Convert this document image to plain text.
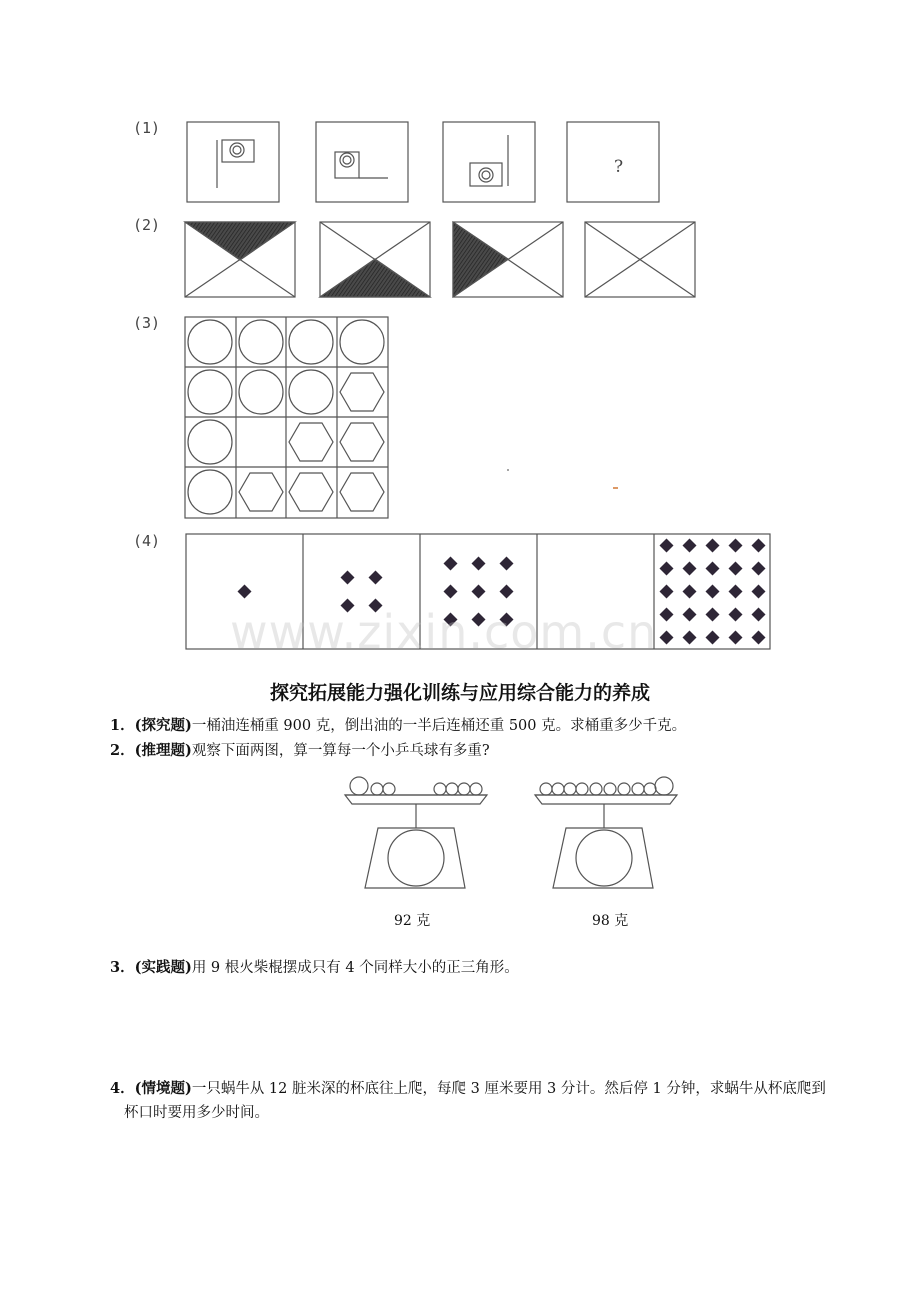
(1)
(2)
(3)
(4)
?
www.zixin.com.cn
探究拓展能力强化训练与应用综合能力的养成
1．(探究题)一桶油连桶重 900 克，倒出油的一半后连桶还重 500 克。求桶重多少千克。
2．(推理题)观察下面两图，算一算每一个小乒乓球有多重?
92 克	98 克
3．(实践题)用 9 根火柴棍摆成只有 4 个同样大小的正三角形。
4．(情境题)一只蜗牛从 12 脏米深的杯底往上爬，每爬 3 厘米要用 3 分计。然后停 1 分钟，求蜗牛从杯底爬到杯口时要用多少时间。
